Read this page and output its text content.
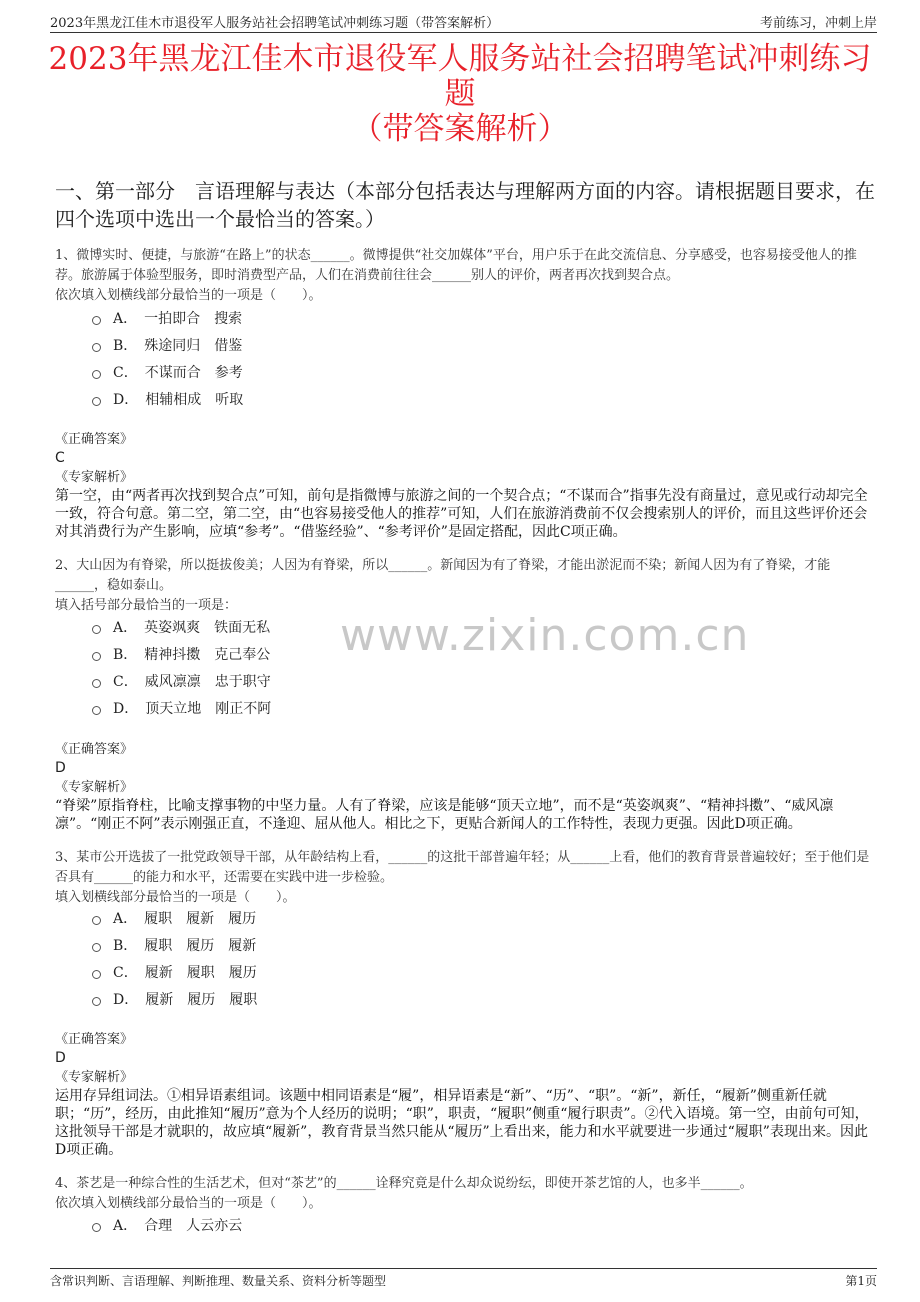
2023年黑龙江佳木市退役军人服务站社会招聘笔试冲刺练习题（带答案解析）	考前练习，冲刺上岸
2023年黑龙江佳木市退役军人服务站社会招聘笔试冲刺练习题
（带答案解析）
一、第一部分　言语理解与表达（本部分包括表达与理解两方面的内容。请根据题目要求，在四个选项中选出一个最恰当的答案。）
www.zixin.com.cn

1、微博实时、便捷，与旅游“在路上”的状态______。微博提供“社交加媒体”平台，用户乐于在此交流信息、分享感受，也容易接受他人的推荐。旅游属于体验型服务，即时消费型产品，人们在消费前往往会______别人的评价，两者再次找到契合点。

依次填入划横线部分最恰当的一项是（　　）。

A．　一拍即合　搜索
B．　殊途同归　借鉴
C．　不谋而合　参考
D．　相辅相成　听取
《正确答案》
C
《专家解析》
第一空，由“两者再次找到契合点”可知，前句是指微博与旅游之间的一个契合点；“不谋而合”指事先没有商量过，意见或行动却完全一致，符合句意。第二空，第二空，由“也容易接受他人的推荐”可知，人们在旅游消费前不仅会搜索别人的评价，而且这些评价还会对其消费行为产生影响，应填“参考”。“借鉴经验”、“参考评价”是固定搭配，因此C项正确。

2、大山因为有脊梁，所以挺拔俊美；人因为有脊梁，所以______。新闻因为有了脊梁，才能出淤泥而不染；新闻人因为有了脊梁，才能______，稳如泰山。

填入括号部分最恰当的一项是：

A．　英姿飒爽　铁面无私
B．　精神抖擞　克己奉公
C．　威风凛凛　忠于职守
D．　顶天立地　刚正不阿
《正确答案》
D
《专家解析》
“脊梁”原指脊柱，比喻支撑事物的中坚力量。人有了脊梁，应该是能够“顶天立地”，而不是“英姿飒爽”、“精神抖擞”、“威风凛凛”。“刚正不阿”表示刚强正直，不逢迎、屈从他人。相比之下，更贴合新闻人的工作特性，表现力更强。因此D项正确。

3、某市公开选拔了一批党政领导干部，从年龄结构上看，______的这批干部普遍年轻；从______上看，他们的教育背景普遍较好；至于他们是否具有______的能力和水平，还需要在实践中进一步检验。

填入划横线部分最恰当的一项是（　　）。

A．　履职　履新　履历
B．　履职　履历　履新
C．　履新　履职　履历
D．　履新　履历　履职
《正确答案》
D
《专家解析》
运用存异组词法。①相异语素组词。该题中相同语素是“履”，相异语素是“新”、“历”、“职”。“新”，新任，“履新”侧重新任就职；“历”，经历，由此推知“履历”意为个人经历的说明；“职”，职责，“履职”侧重“履行职责”。②代入语境。第一空，由前句可知，这批领导干部是才就职的，故应填“履新”，教育背景当然只能从“履历”上看出来，能力和水平就要进一步通过“履职”表现出来。因此D项正确。

4、茶艺是一种综合性的生活艺术，但对“茶艺”的______诠释究竟是什么却众说纷纭，即使开茶艺馆的人，也多半______。

依次填入划横线部分最恰当的一项是（　　）。

A．　合理　人云亦云
含常识判断、言语理解、判断推理、数量关系、资料分析等题型	第1页
